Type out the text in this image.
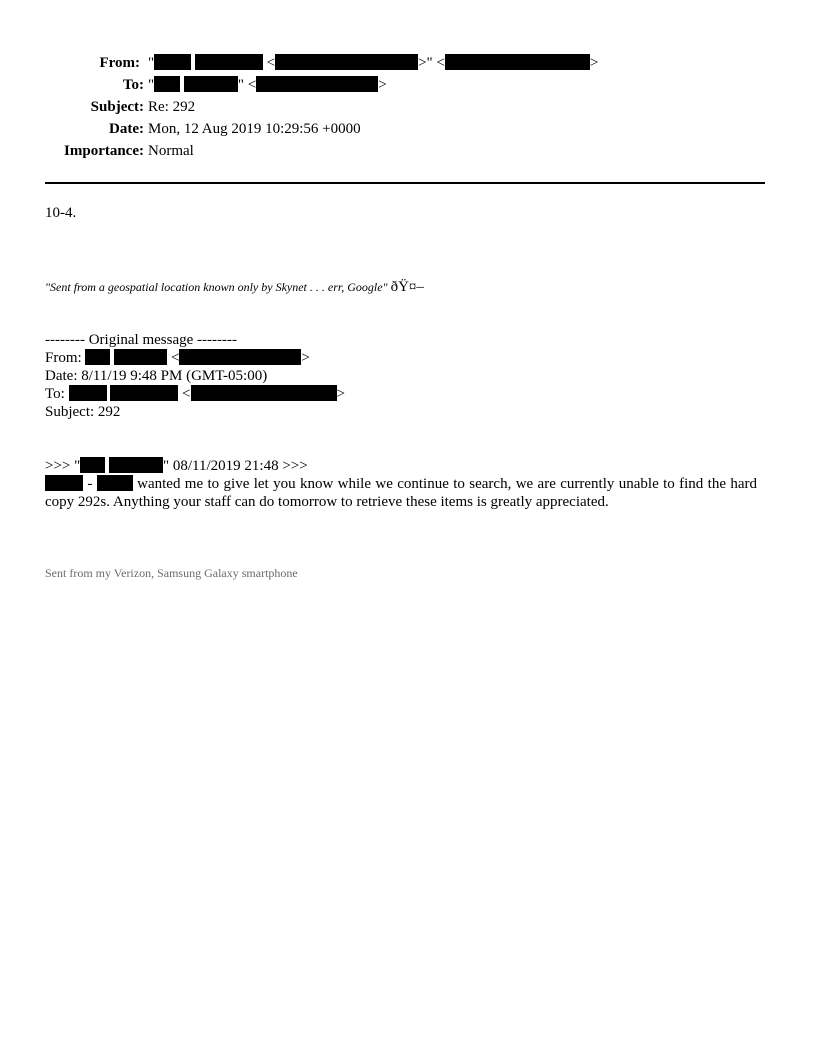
From: "	<	>" <	>
To: "	" <	>
Subject: Re: 292
Date: Mon, 12 Aug 2019 10:29:56 +0000
Importance: Normal
10-4.
"Sent from a geospatial location known only by Skynet . . . err, Google" ðŸ¤–
-------- Original message --------
From:	<	>
Date: 8/11/19 9:48 PM (GMT-05:00)
To:	<	>
Subject: 292
>>> "	" 08/11/2019 21:48 >>>
-	wanted me to give let you know while we continue to search, we are currently unable to find the hard copy 292s. Anything your staff can do tomorrow to retrieve these items is greatly appreciated.
Sent from my Verizon, Samsung Galaxy smartphone
